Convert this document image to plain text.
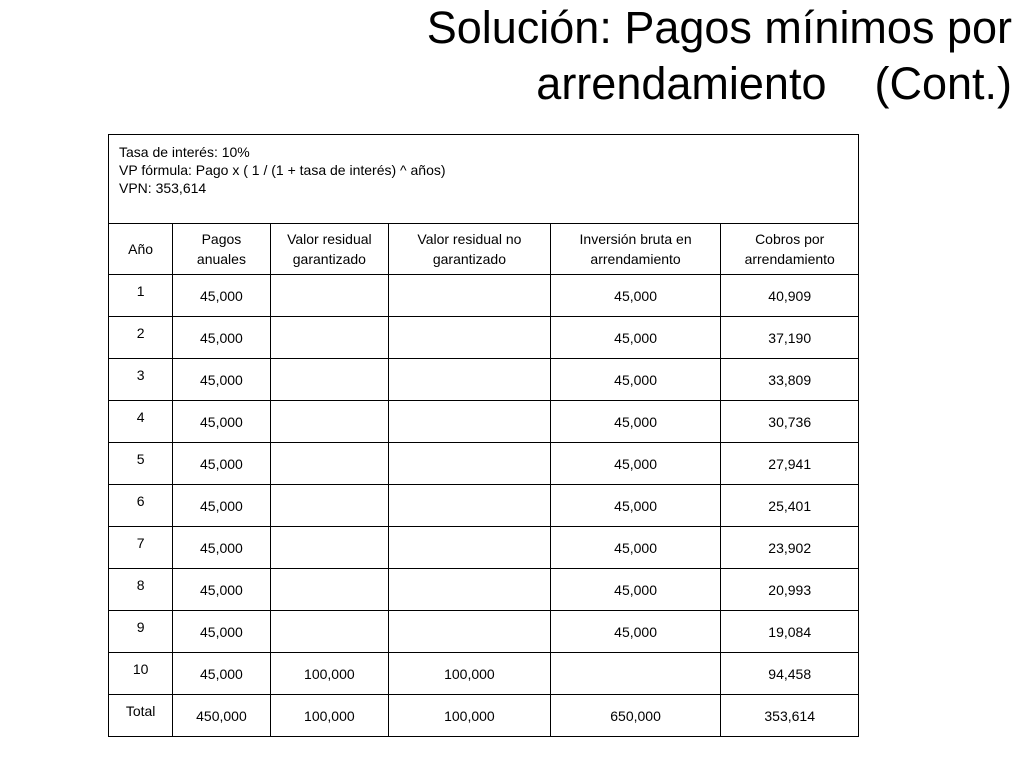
Solución: Pagos mínimos por
arrendamiento (Cont.)
Tasa de interés: 10%
VP fórmula: Pago x ( 1 / (1 + tasa de interés) ^ años)
VPN: 353,614					

Año	Pagos anuales	Valor residual garantizado	Valor residual no garantizado	Inversión bruta en arrendamiento	Cobros por arrendamiento
1	45,000			45,000	40,909
2	45,000			45,000	37,190
3	45,000			45,000	33,809
4	45,000			45,000	30,736
5	45,000			45,000	27,941
6	45,000			45,000	25,401
7	45,000			45,000	23,902
8	45,000			45,000	20,993
9	45,000			45,000	19,084
10	45,000	100,000	100,000		94,458
Total	450,000	100,000	100,000	650,000	353,614
